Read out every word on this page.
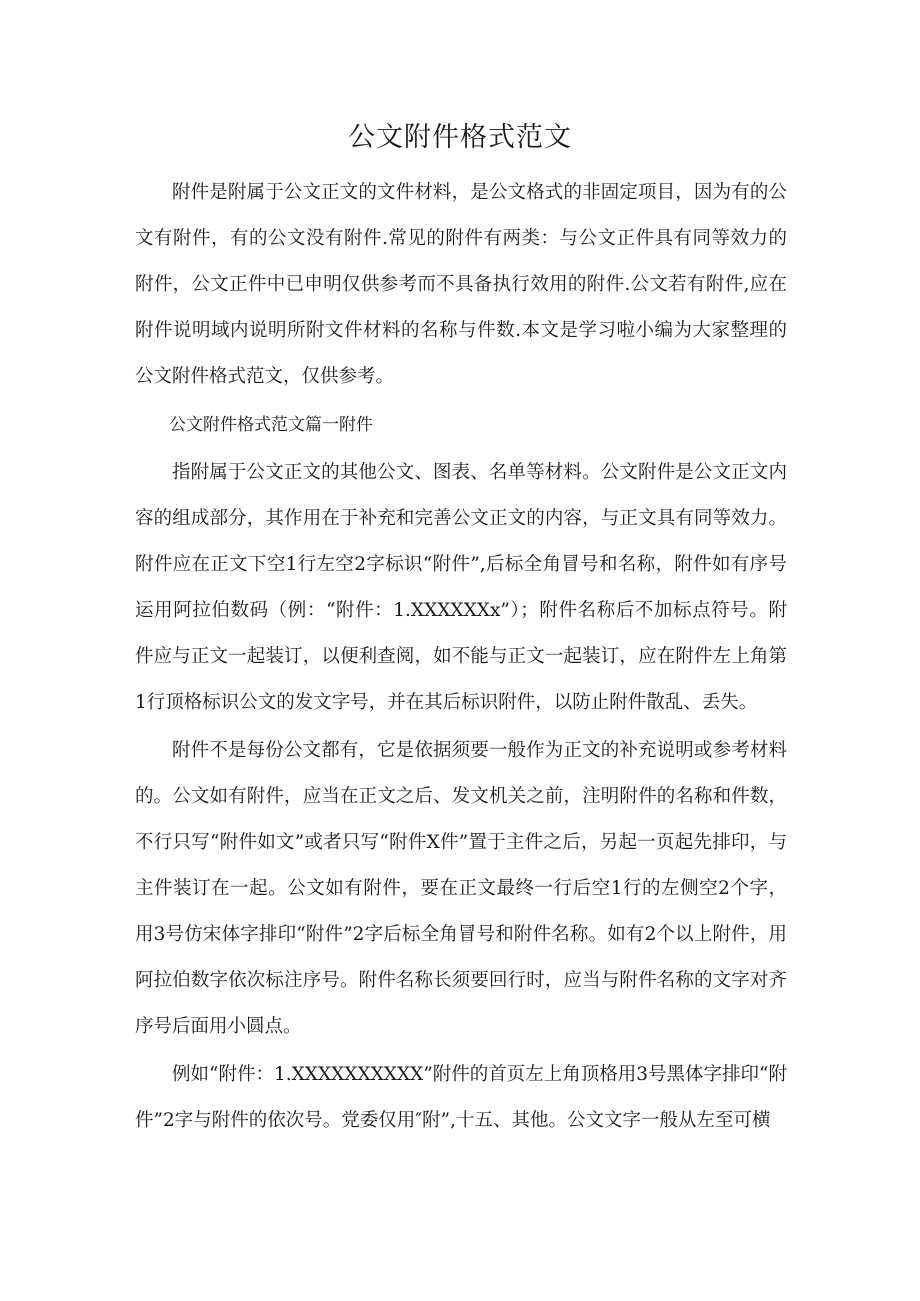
公文附件格式范文

附件是附属于公文正文的文件材料，是公文格式的非固定项目，因为有的公文有附件，有的公文没有附件.常见的附件有两类：与公文正件具有同等效力的附件，公文正件中已申明仅供参考而不具备执行效用的附件.公文若有附件,应在附件说明域内说明所附文件材料的名称与件数.本文是学习啦小编为大家整理的公文附件格式范文，仅供参考。

公文附件格式范文篇一附件

指附属于公文正文的其他公文、图表、名单等材料。公文附件是公文正文内容的组成部分，其作用在于补充和完善公文正文的内容，与正文具有同等效力。附件应在正文下空1行左空2字标识“附件”,后标全角冒号和名称，附件如有序号运用阿拉伯数码（例：“附件：1.XXXXXXx”）；附件名称后不加标点符号。附件应与正文一起装订，以便利查阅，如不能与正文一起装订，应在附件左上角第1行顶格标识公文的发文字号，并在其后标识附件，以防止附件散乱、丢失。

附件不是每份公文都有，它是依据须要一般作为正文的补充说明或参考材料的。公文如有附件，应当在正文之后、发文机关之前，注明附件的名称和件数，不行只写“附件如文”或者只写“附件X件”置于主件之后，另起一页起先排印，与主件装订在一起。公文如有附件，要在正文最终一行后空1行的左侧空2个字，用3号仿宋体字排印“附件”2字后标全角冒号和附件名称。如有2个以上附件，用阿拉伯数字依次标注序号。附件名称长须要回行时，应当与附件名称的文字对齐序号后面用小圆点。

例如“附件：1.XXXXXXXXXX”附件的首页左上角顶格用3号黑体字排印“附件”2字与附件的依次号。党委仅用″附”,十五、其他。公文文字一般从左至可横
